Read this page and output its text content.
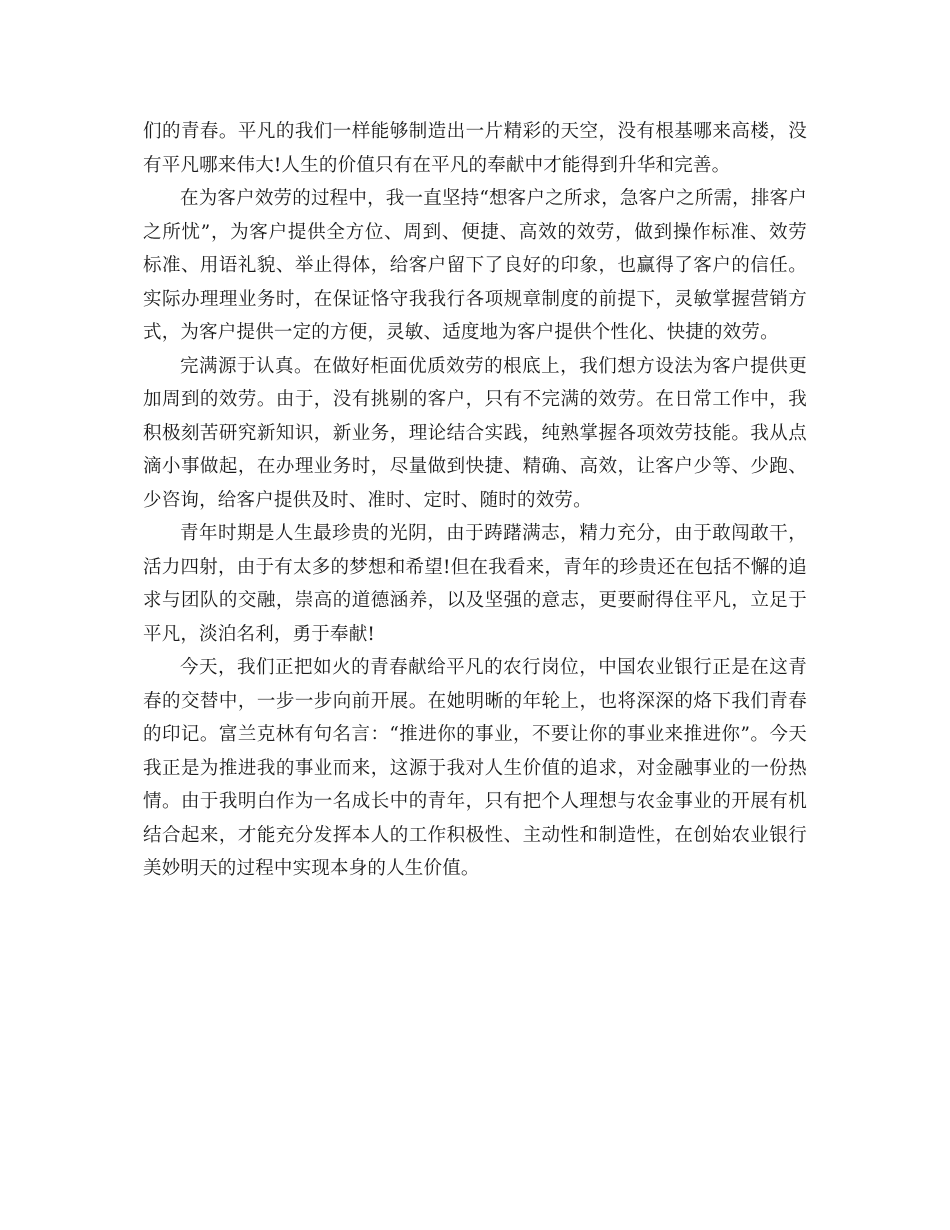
们的青春。平凡的我们一样能够制造出一片精彩的天空，没有根基哪来高楼，没有平凡哪来伟大!人生的价值只有在平凡的奉献中才能得到升华和完善。

在为客户效劳的过程中，我一直坚持“想客户之所求，急客户之所需，排客户之所忧”，为客户提供全方位、周到、便捷、高效的效劳，做到操作标准、效劳标准、用语礼貌、举止得体，给客户留下了良好的印象，也赢得了客户的信任。实际办理理业务时，在保证恪守我我行各项规章制度的前提下，灵敏掌握营销方式，为客户提供一定的方便，灵敏、适度地为客户提供个性化、快捷的效劳。

完满源于认真。在做好柜面优质效劳的根底上，我们想方设法为客户提供更加周到的效劳。由于，没有挑剔的客户，只有不完满的效劳。在日常工作中，我积极刻苦研究新知识，新业务，理论结合实践，纯熟掌握各项效劳技能。我从点滴小事做起，在办理业务时，尽量做到快捷、精确、高效，让客户少等、少跑、少咨询，给客户提供及时、准时、定时、随时的效劳。

青年时期是人生最珍贵的光阴，由于踌躇满志，精力充分，由于敢闯敢干，活力四射，由于有太多的梦想和希望!但在我看来，青年的珍贵还在包括不懈的追求与团队的交融，崇高的道德涵养，以及坚强的意志，更要耐得住平凡，立足于平凡，淡泊名利，勇于奉献!

今天，我们正把如火的青春献给平凡的农行岗位，中国农业银行正是在这青春的交替中，一步一步向前开展。在她明晰的年轮上，也将深深的烙下我们青春的印记。富兰克林有句名言：“推进你的事业，不要让你的事业来推进你”。今天我正是为推进我的事业而来，这源于我对人生价值的追求，对金融事业的一份热情。由于我明白作为一名成长中的青年，只有把个人理想与农金事业的开展有机结合起来，才能充分发挥本人的工作积极性、主动性和制造性，在创始农业银行美妙明天的过程中实现本身的人生价值。
